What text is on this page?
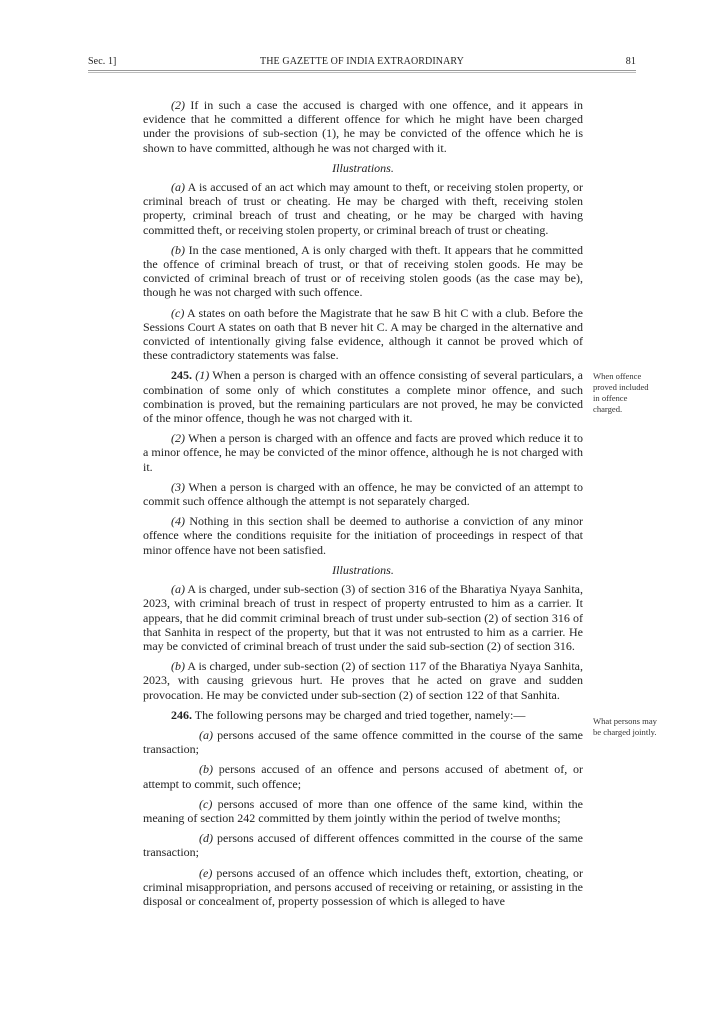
Sec. 1]	THE GAZETTE OF INDIA EXTRAORDINARY	81

(2) If in such a case the accused is charged with one offence, and it appears in evidence that he committed a different offence for which he might have been charged under the provisions of sub-section (1), he may be convicted of the offence which he is shown to have committed, although he was not charged with it.

Illustrations.

(a) A is accused of an act which may amount to theft, or receiving stolen property, or criminal breach of trust or cheating. He may be charged with theft, receiving stolen property, criminal breach of trust and cheating, or he may be charged with having committed theft, or receiving stolen property, or criminal breach of trust or cheating.

(b) In the case mentioned, A is only charged with theft. It appears that he committed the offence of criminal breach of trust, or that of receiving stolen goods. He may be convicted of criminal breach of trust or of receiving stolen goods (as the case may be), though he was not charged with such offence.

(c) A states on oath before the Magistrate that he saw B hit C with a club. Before the Sessions Court A states on oath that B never hit C. A may be charged in the alternative and convicted of intentionally giving false evidence, although it cannot be proved which of these contradictory statements was false.

245. (1) When a person is charged with an offence consisting of several particulars, a combination of some only of which constitutes a complete minor offence, and such combination is proved, but the remaining particulars are not proved, he may be convicted of the minor offence, though he was not charged with it.

(2) When a person is charged with an offence and facts are proved which reduce it to a minor offence, he may be convicted of the minor offence, although he is not charged with it.

(3) When a person is charged with an offence, he may be convicted of an attempt to commit such offence although the attempt is not separately charged.

(4) Nothing in this section shall be deemed to authorise a conviction of any minor offence where the conditions requisite for the initiation of proceedings in respect of that minor offence have not been satisfied.

Illustrations.

(a) A is charged, under sub-section (3) of section 316 of the Bharatiya Nyaya Sanhita, 2023, with criminal breach of trust in respect of property entrusted to him as a carrier. It appears, that he did commit criminal breach of trust under sub-section (2) of section 316 of that Sanhita in respect of the property, but that it was not entrusted to him as a carrier. He may be convicted of criminal breach of trust under the said sub-section (2) of section 316.

(b) A is charged, under sub-section (2) of section 117 of the Bharatiya Nyaya Sanhita, 2023, with causing grievous hurt. He proves that he acted on grave and sudden provocation. He may be convicted under sub-section (2) of section 122 of that Sanhita.

246. The following persons may be charged and tried together, namely:—

(a) persons accused of the same offence committed in the course of the same transaction;

(b) persons accused of an offence and persons accused of abetment of, or attempt to commit, such offence;

(c) persons accused of more than one offence of the same kind, within the meaning of section 242 committed by them jointly within the period of twelve months;

(d) persons accused of different offences committed in the course of the same transaction;

(e) persons accused of an offence which includes theft, extortion, cheating, or criminal misappropriation, and persons accused of receiving or retaining, or assisting in the disposal or concealment of, property possession of which is alleged to have

When offence proved included in offence charged.
What persons may be charged jointly.
